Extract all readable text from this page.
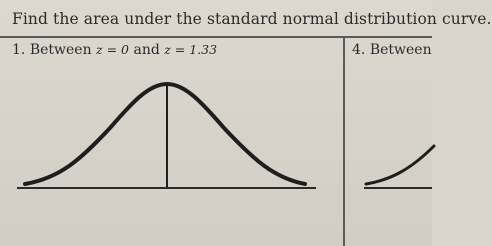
Find the area under the standard normal distribution curve.
1. Between z = 0 and z = 1.33	4. Between
